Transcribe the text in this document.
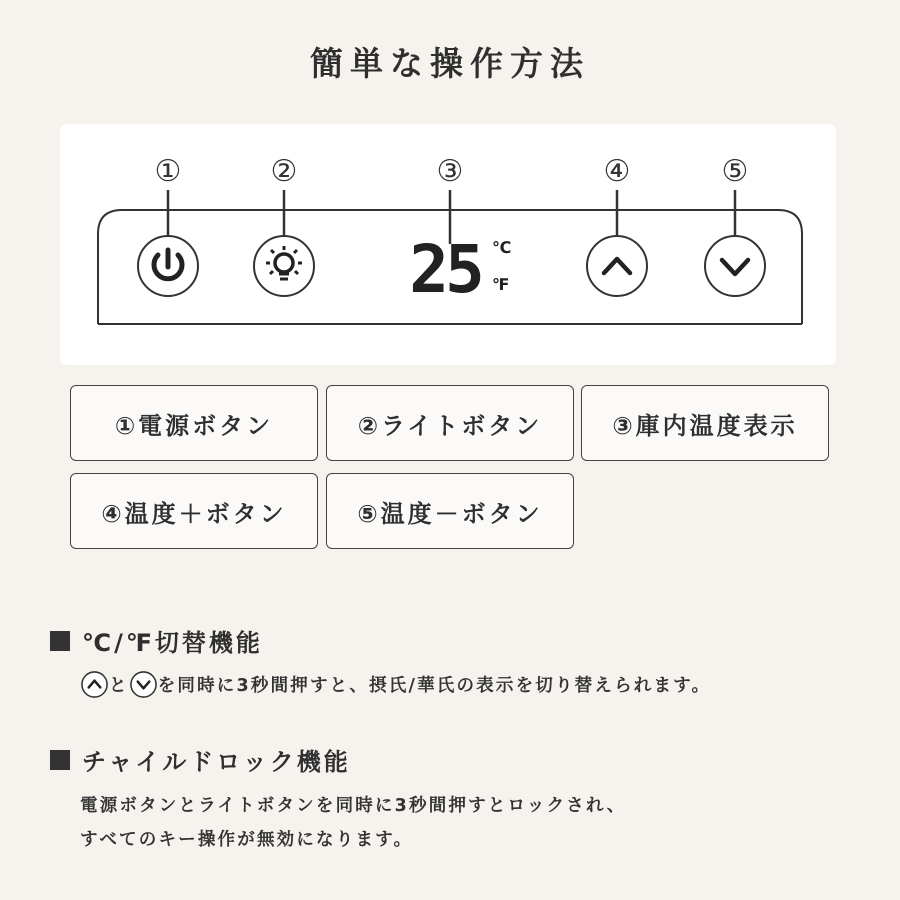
簡単な操作方法
①	②	③	④	⑤
25 ℃
℉
①電源ボタン	②ライトボタン	③庫内温度表示
④温度＋ボタン	⑤温度－ボタン
℃/℉切替機能
と を同時に3秒間押すと、摂氏/華氏の表示を切り替えられます。
チャイルドロック機能
電源ボタンとライトボタンを同時に3秒間押すとロックされ、
すべてのキー操作が無効になります。
